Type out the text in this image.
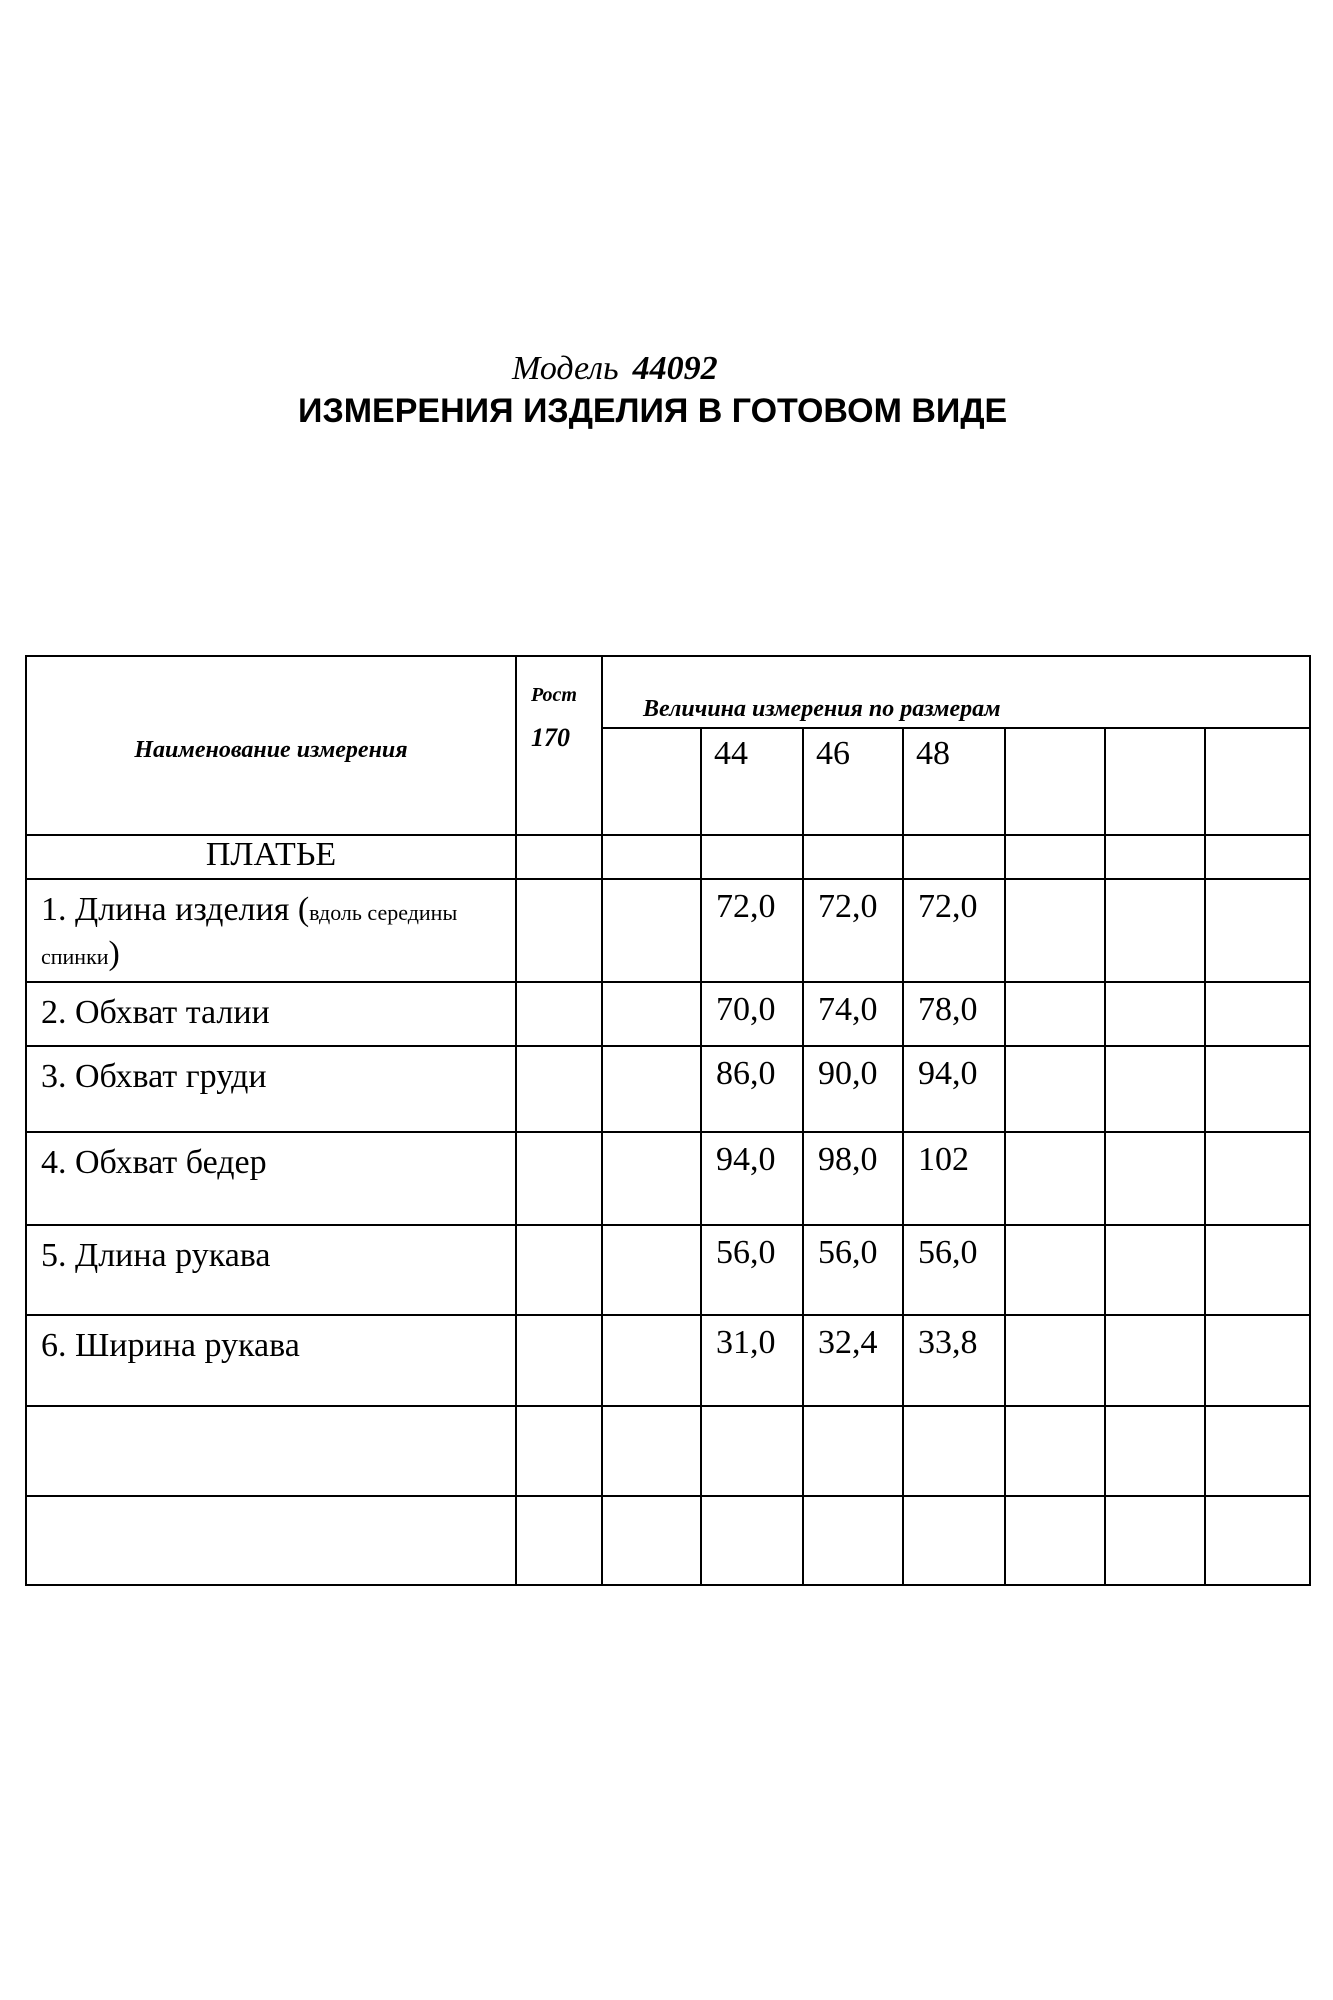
Модель 44092
ИЗМЕРЕНИЯ ИЗДЕЛИЯ В ГОТОВОМ ВИДЕ
Наименование измерения	Рост
170	Величина измерения по размерам						
			44	46	48			
ПЛАТЬЕ								
1. Длина изделия (вдоль середины спинки)			72,0	72,0	72,0			
2. Обхват талии			70,0	74,0	78,0			
3. Обхват груди			86,0	90,0	94,0			
4. Обхват бедер			94,0	98,0	102			
5. Длина рукава			56,0	56,0	56,0			
6. Ширина рукава			31,0	32,4	33,8			
